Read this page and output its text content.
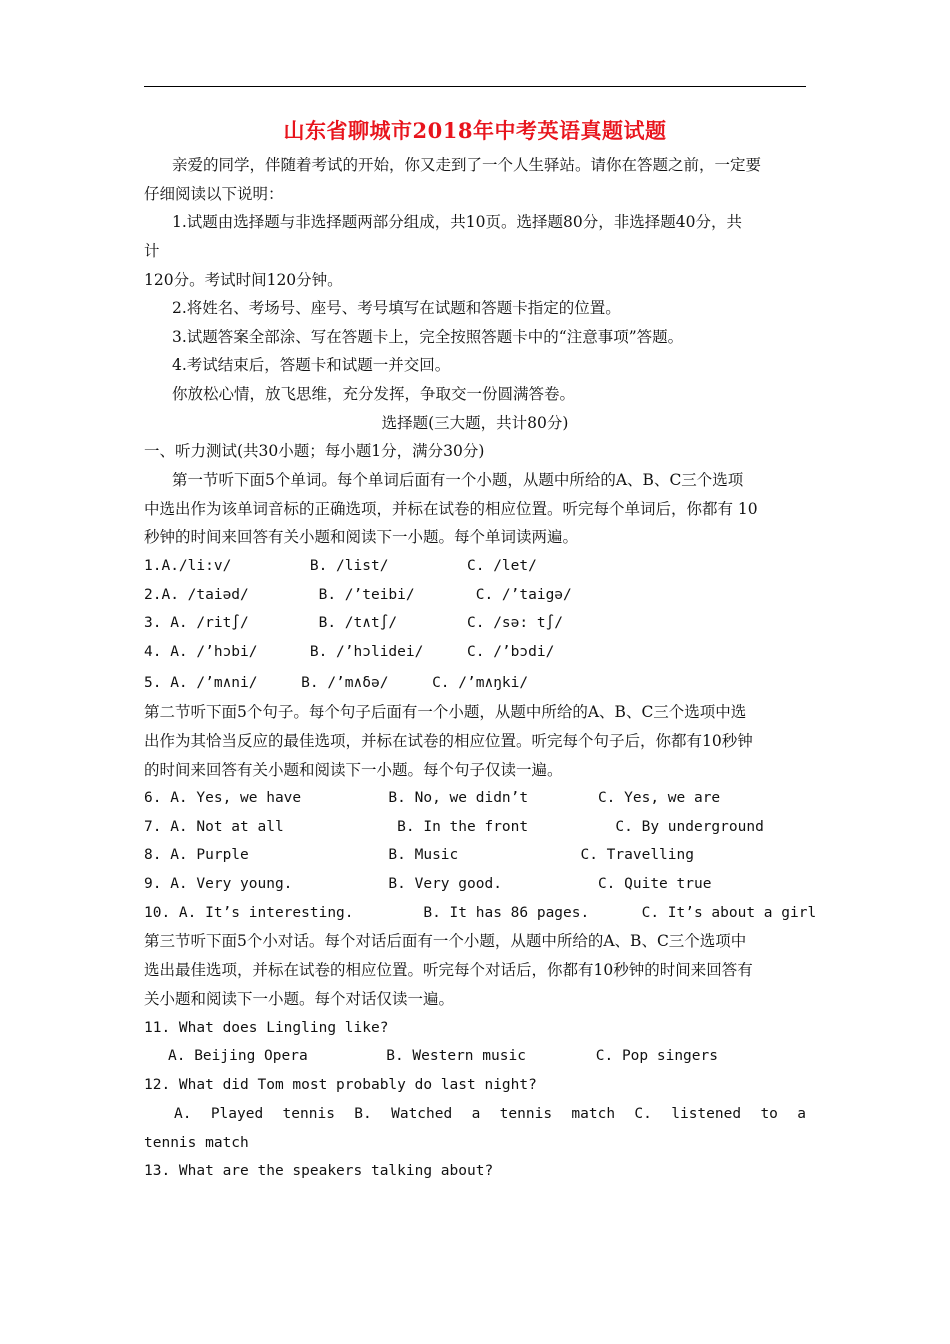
山东省聊城市2018年中考英语真题试题
亲爱的同学，伴随着考试的开始，你又走到了一个人生驿站。请你在答题之前，一定要
仔细阅读以下说明：
1.试题由选择题与非选择题两部分组成，共10页。选择题80分，非选择题40分，共
计
120分。考试时间120分钟。
2.将姓名、考场号、座号、考号填写在试题和答题卡指定的位置。
3.试题答案全部涂、写在答题卡上，完全按照答题卡中的“注意事项”答题。
4.考试结束后，答题卡和试题一并交回。
你放松心情，放飞思维，充分发挥，争取交一份圆满答卷。
选择题(三大题，共计80分)
一、听力测试(共30小题；每小题1分，满分30分)
第一节听下面5个单词。每个单词后面有一个小题，从题中所给的A、B、C三个选项
中选出作为该单词音标的正确选项，并标在试卷的相应位置。听完每个单词后，你都有 10
秒钟的时间来回答有关小题和阅读下一小题。每个单词读两遍。
1.A./li:v/         B. /list/         C. /let/
2.A. /taiəd/        B. /’teibi/       C. /’taigə/
3. A. /rit∫/        B. /t∧t∫/        C. /sə: t∫/
4. A. /’hɔbi/      B. /’hɔlidei/     C. /’bɔdi/
5. A. /’m∧ni/     B. /’m∧δə/     C. /’m∧ŋki/
第二节听下面5个句子。每个句子后面有一个小题，从题中所给的A、B、C三个选项中选
出作为其恰当反应的最佳选项，并标在试卷的相应位置。听完每个句子后，你都有10秒钟
的时间来回答有关小题和阅读下一小题。每个句子仅读一遍。
6. A. Yes, we have          B. No, we didn’t        C. Yes, we are
7. A. Not at all             B. In the front          C. By underground
8. A. Purple                B. Music              C. Travelling
9. A. Very young.           B. Very good.           C. Quite true
10. A. It’s interesting.        B. It has 86 pages.      C. It’s about a girl
第三节听下面5个小对话。每个对话后面有一个小题，从题中所给的A、B、C三个选项中
选出最佳选项，并标在试卷的相应位置。听完每个对话后，你都有10秒钟的时间来回答有
关小题和阅读下一小题。每个对话仅读一遍。
11. What does Lingling like?
A. Beijing Opera         B. Western music        C. Pop singers
12. What did Tom most probably do last night?
A. Played tennis B. Watched a tennis match C. listened to a
tennis match
13. What are the speakers talking about?
